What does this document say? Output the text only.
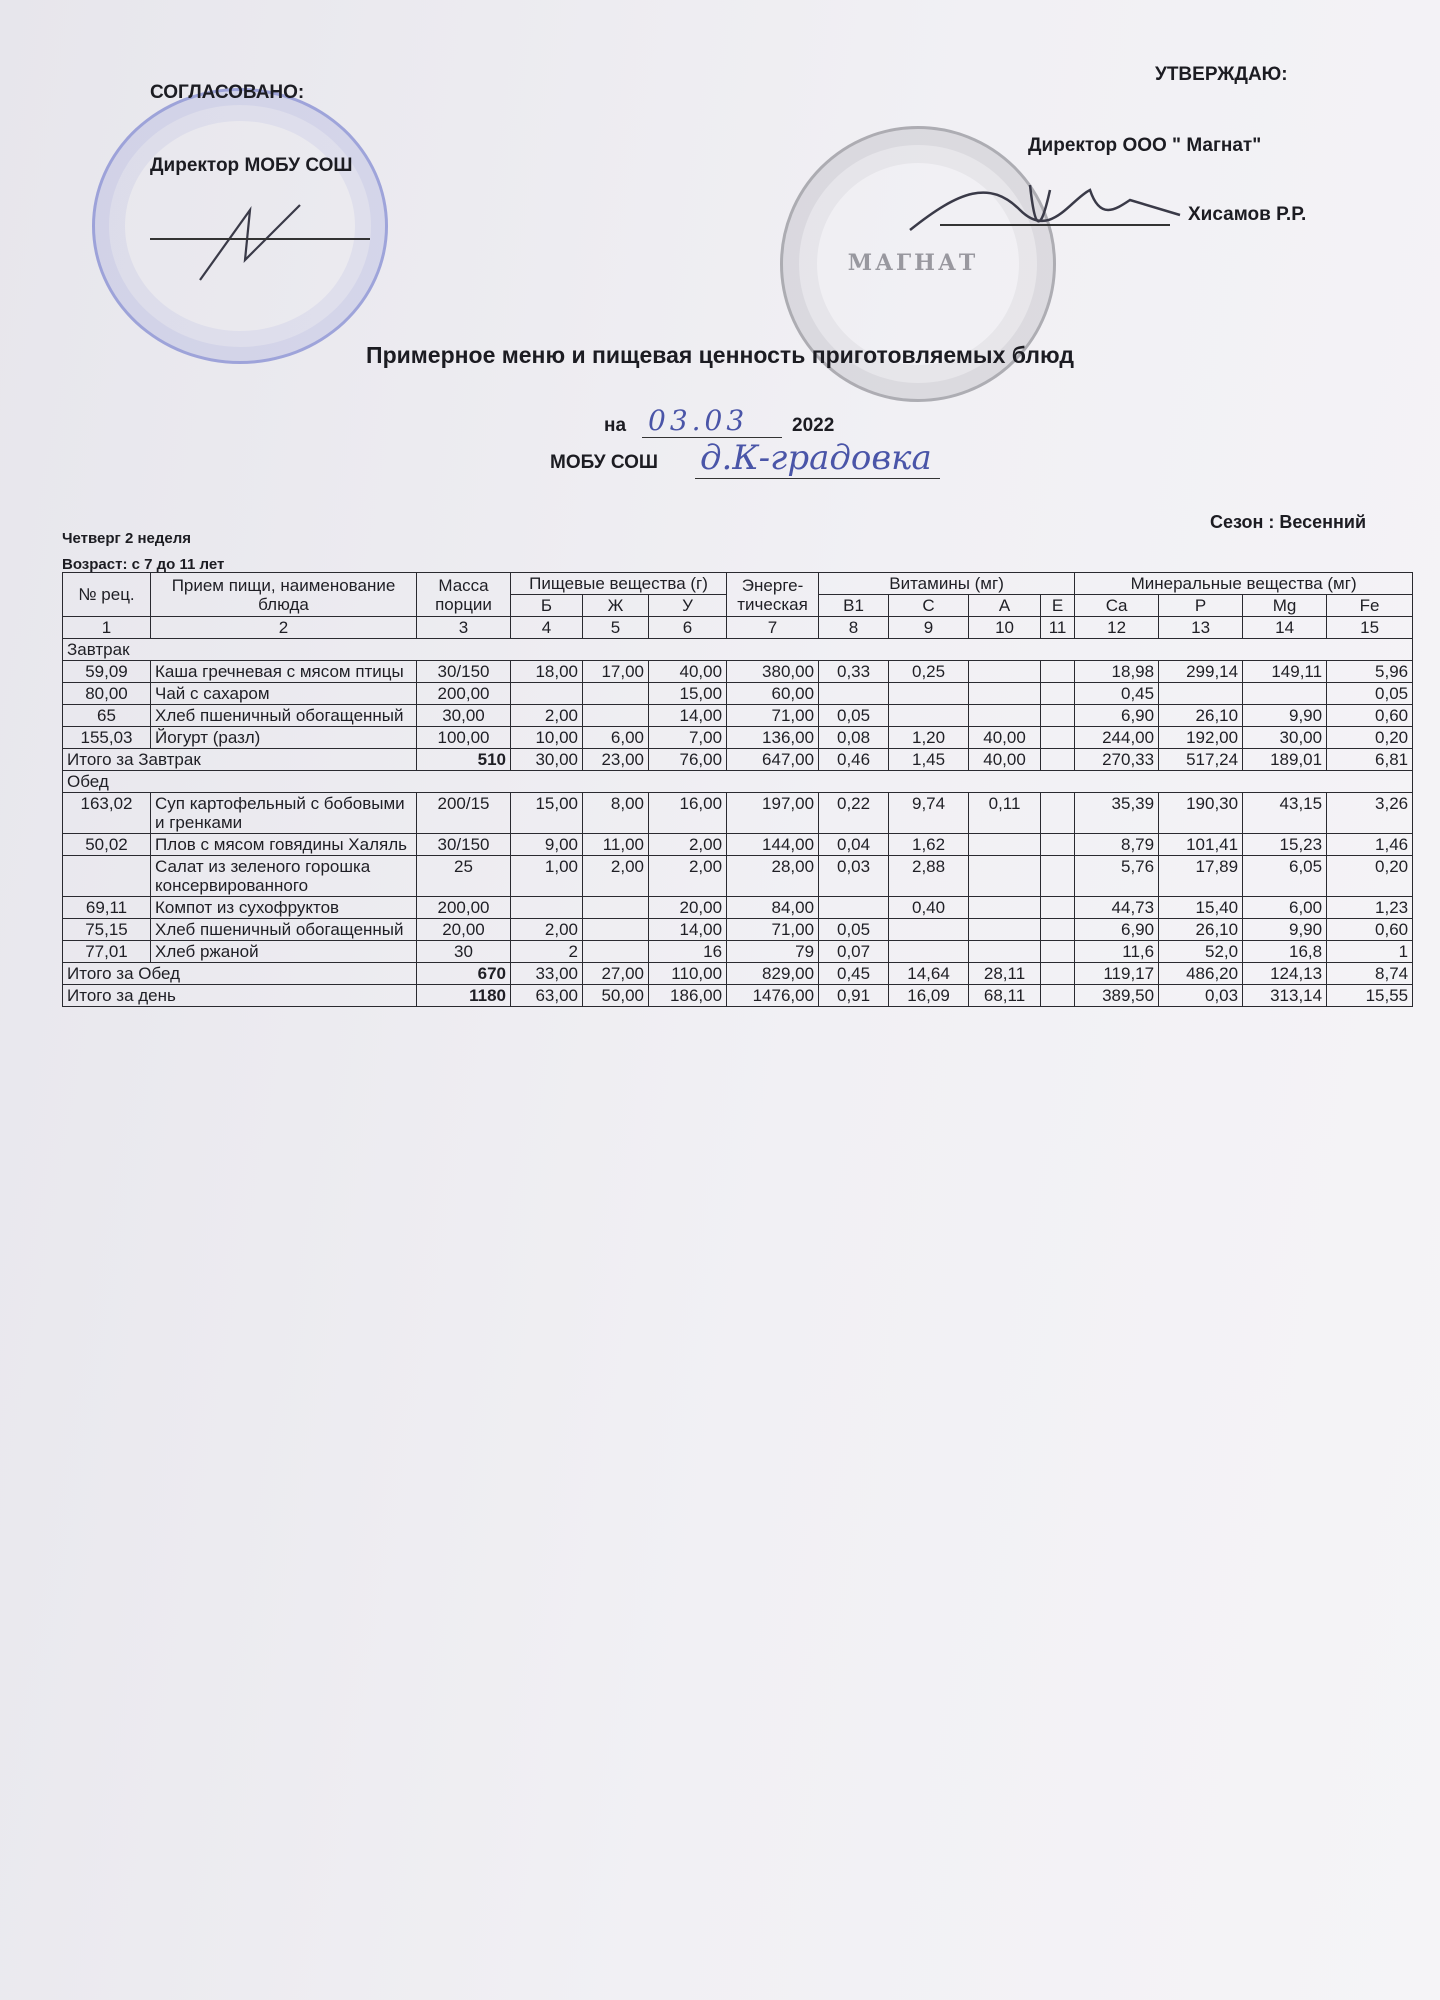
МАГНАТ
СОГЛАСОВАНО:
Директор МОБУ СОШ
УТВЕРЖДАЮ:
Директор ООО " Магнат"
Хисамов Р.Р.
Примерное меню и пищевая ценность приготовляемых блюд
на 03.03 2022
МОБУ СОШ д.К-градовка
Четверг 2 неделя
Возраст: с 7 до 11 лет
Сезон : Весенний
№ рец.	Прием пищи, наименование блюда	Масса порции	Пищевые вещества (г)			Энерге-тическая	Витамины (мг)				Минеральные вещества (мг)			
			Б	Ж	У		В1	С	А	Е	Ca	P	Mg	Fe
1	2	3	4	5	6	7	8	9	10	11	12	13	14	15
Завтрак														
59,09	Каша гречневая с мясом птицы	30/150	18,00	17,00	40,00	380,00	0,33	0,25			18,98	299,14	149,11	5,96
80,00	Чай с сахаром	200,00			15,00	60,00					0,45			0,05
65	Хлеб пшеничный обогащенный	30,00	2,00		14,00	71,00	0,05				6,90	26,10	9,90	0,60
155,03	Йогурт (разл)	100,00	10,00	6,00	7,00	136,00	0,08	1,20	40,00		244,00	192,00	30,00	0,20
Итого за Завтрак		510	30,00	23,00	76,00	647,00	0,46	1,45	40,00		270,33	517,24	189,01	6,81
Обед														
163,02	Суп картофельный с бобовыми и гренками	200/15	15,00	8,00	16,00	197,00	0,22	9,74	0,11		35,39	190,30	43,15	3,26
50,02	Плов с мясом говядины Халяль	30/150	9,00	11,00	2,00	144,00	0,04	1,62			8,79	101,41	15,23	1,46
	Салат из зеленого горошка консервированного	25	1,00	2,00	2,00	28,00	0,03	2,88			5,76	17,89	6,05	0,20
69,11	Компот из сухофруктов	200,00			20,00	84,00		0,40			44,73	15,40	6,00	1,23
75,15	Хлеб пшеничный обогащенный	20,00	2,00		14,00	71,00	0,05				6,90	26,10	9,90	0,60
77,01	Хлеб ржаной	30	2		16	79	0,07				11,6	52,0	16,8	1
Итого за Обед		670	33,00	27,00	110,00	829,00	0,45	14,64	28,11		119,17	486,20	124,13	8,74
Итого за день		1180	63,00	50,00	186,00	1476,00	0,91	16,09	68,11		389,50	0,03	313,14	15,55
